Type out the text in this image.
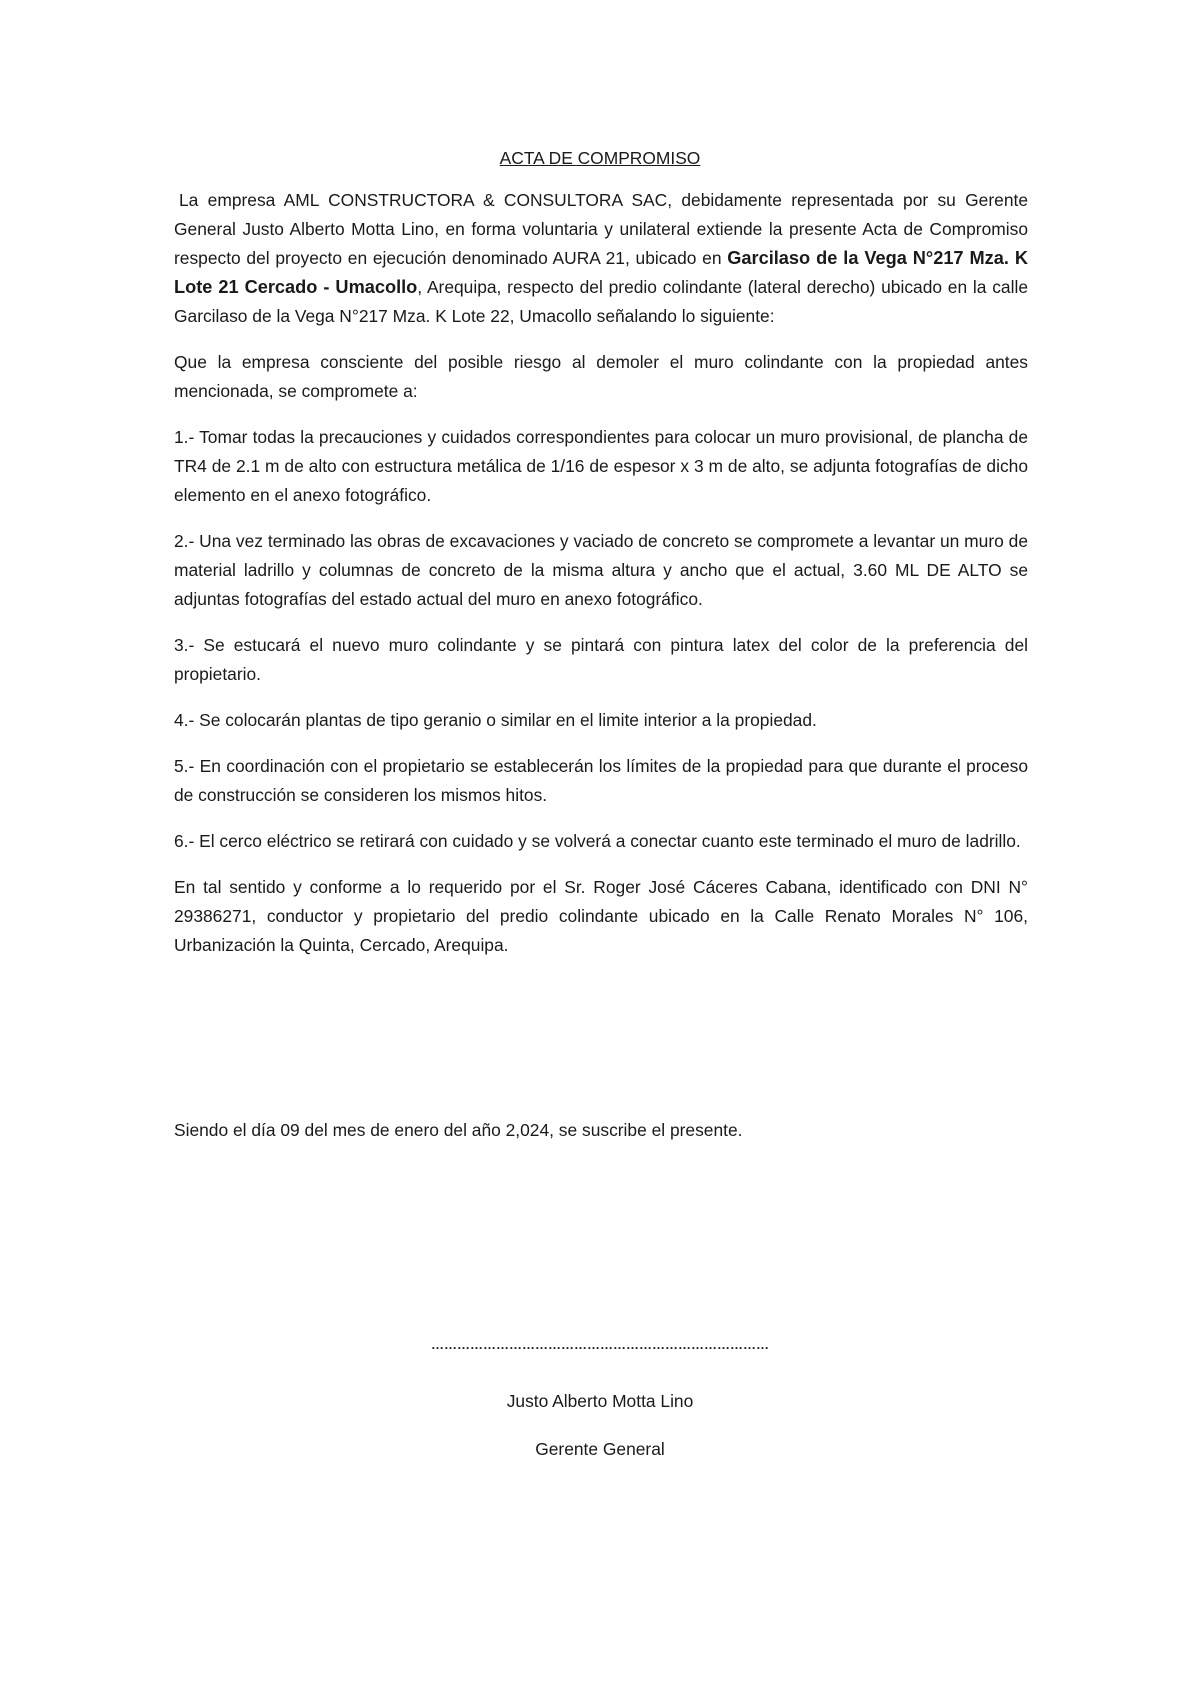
ACTA DE COMPROMISO

La empresa AML CONSTRUCTORA & CONSULTORA SAC, debidamente representada por su Gerente General Justo Alberto Motta Lino, en forma voluntaria y unilateral extiende la presente Acta de Compromiso respecto del proyecto en ejecución denominado AURA 21, ubicado en Garcilaso de la Vega N°217 Mza. K Lote 21 Cercado - Umacollo, Arequipa, respecto del predio colindante (lateral derecho) ubicado en la calle Garcilaso de la Vega N°217 Mza. K Lote 22, Umacollo señalando lo siguiente:

Que la empresa consciente del posible riesgo al demoler el muro colindante con la propiedad antes mencionada, se compromete a:

1.- Tomar todas la precauciones y cuidados correspondientes para colocar un muro provisional, de plancha de TR4 de 2.1 m de alto con estructura metálica de 1/16 de espesor x 3 m de alto, se adjunta fotografías de dicho elemento en el anexo fotográfico.

2.- Una vez terminado las obras de excavaciones y vaciado de concreto se compromete a levantar un muro de material ladrillo y columnas de concreto de la misma altura y ancho que el actual, 3.60 ML DE ALTO se adjuntas fotografías del estado actual del muro en anexo fotográfico.

3.- Se estucará el nuevo muro colindante y se pintará con pintura latex del color de la preferencia del propietario.

4.- Se colocarán plantas de tipo geranio o similar en el limite interior a la propiedad.

5.- En coordinación con el propietario se establecerán los límites de la propiedad para que durante el proceso de construcción se consideren los mismos hitos.

6.- El cerco eléctrico se retirará con cuidado y se volverá a conectar cuanto este terminado el muro de ladrillo.

En tal sentido y conforme a lo requerido por el Sr. Roger José Cáceres Cabana, identificado con DNI N° 29386271, conductor y propietario del predio colindante ubicado en la Calle Renato Morales N° 106, Urbanización la Quinta, Cercado, Arequipa.

Siendo el día 09 del mes de enero del año 2,024, se suscribe el presente.

……………………………………………………………………

Justo Alberto Motta Lino

Gerente General
